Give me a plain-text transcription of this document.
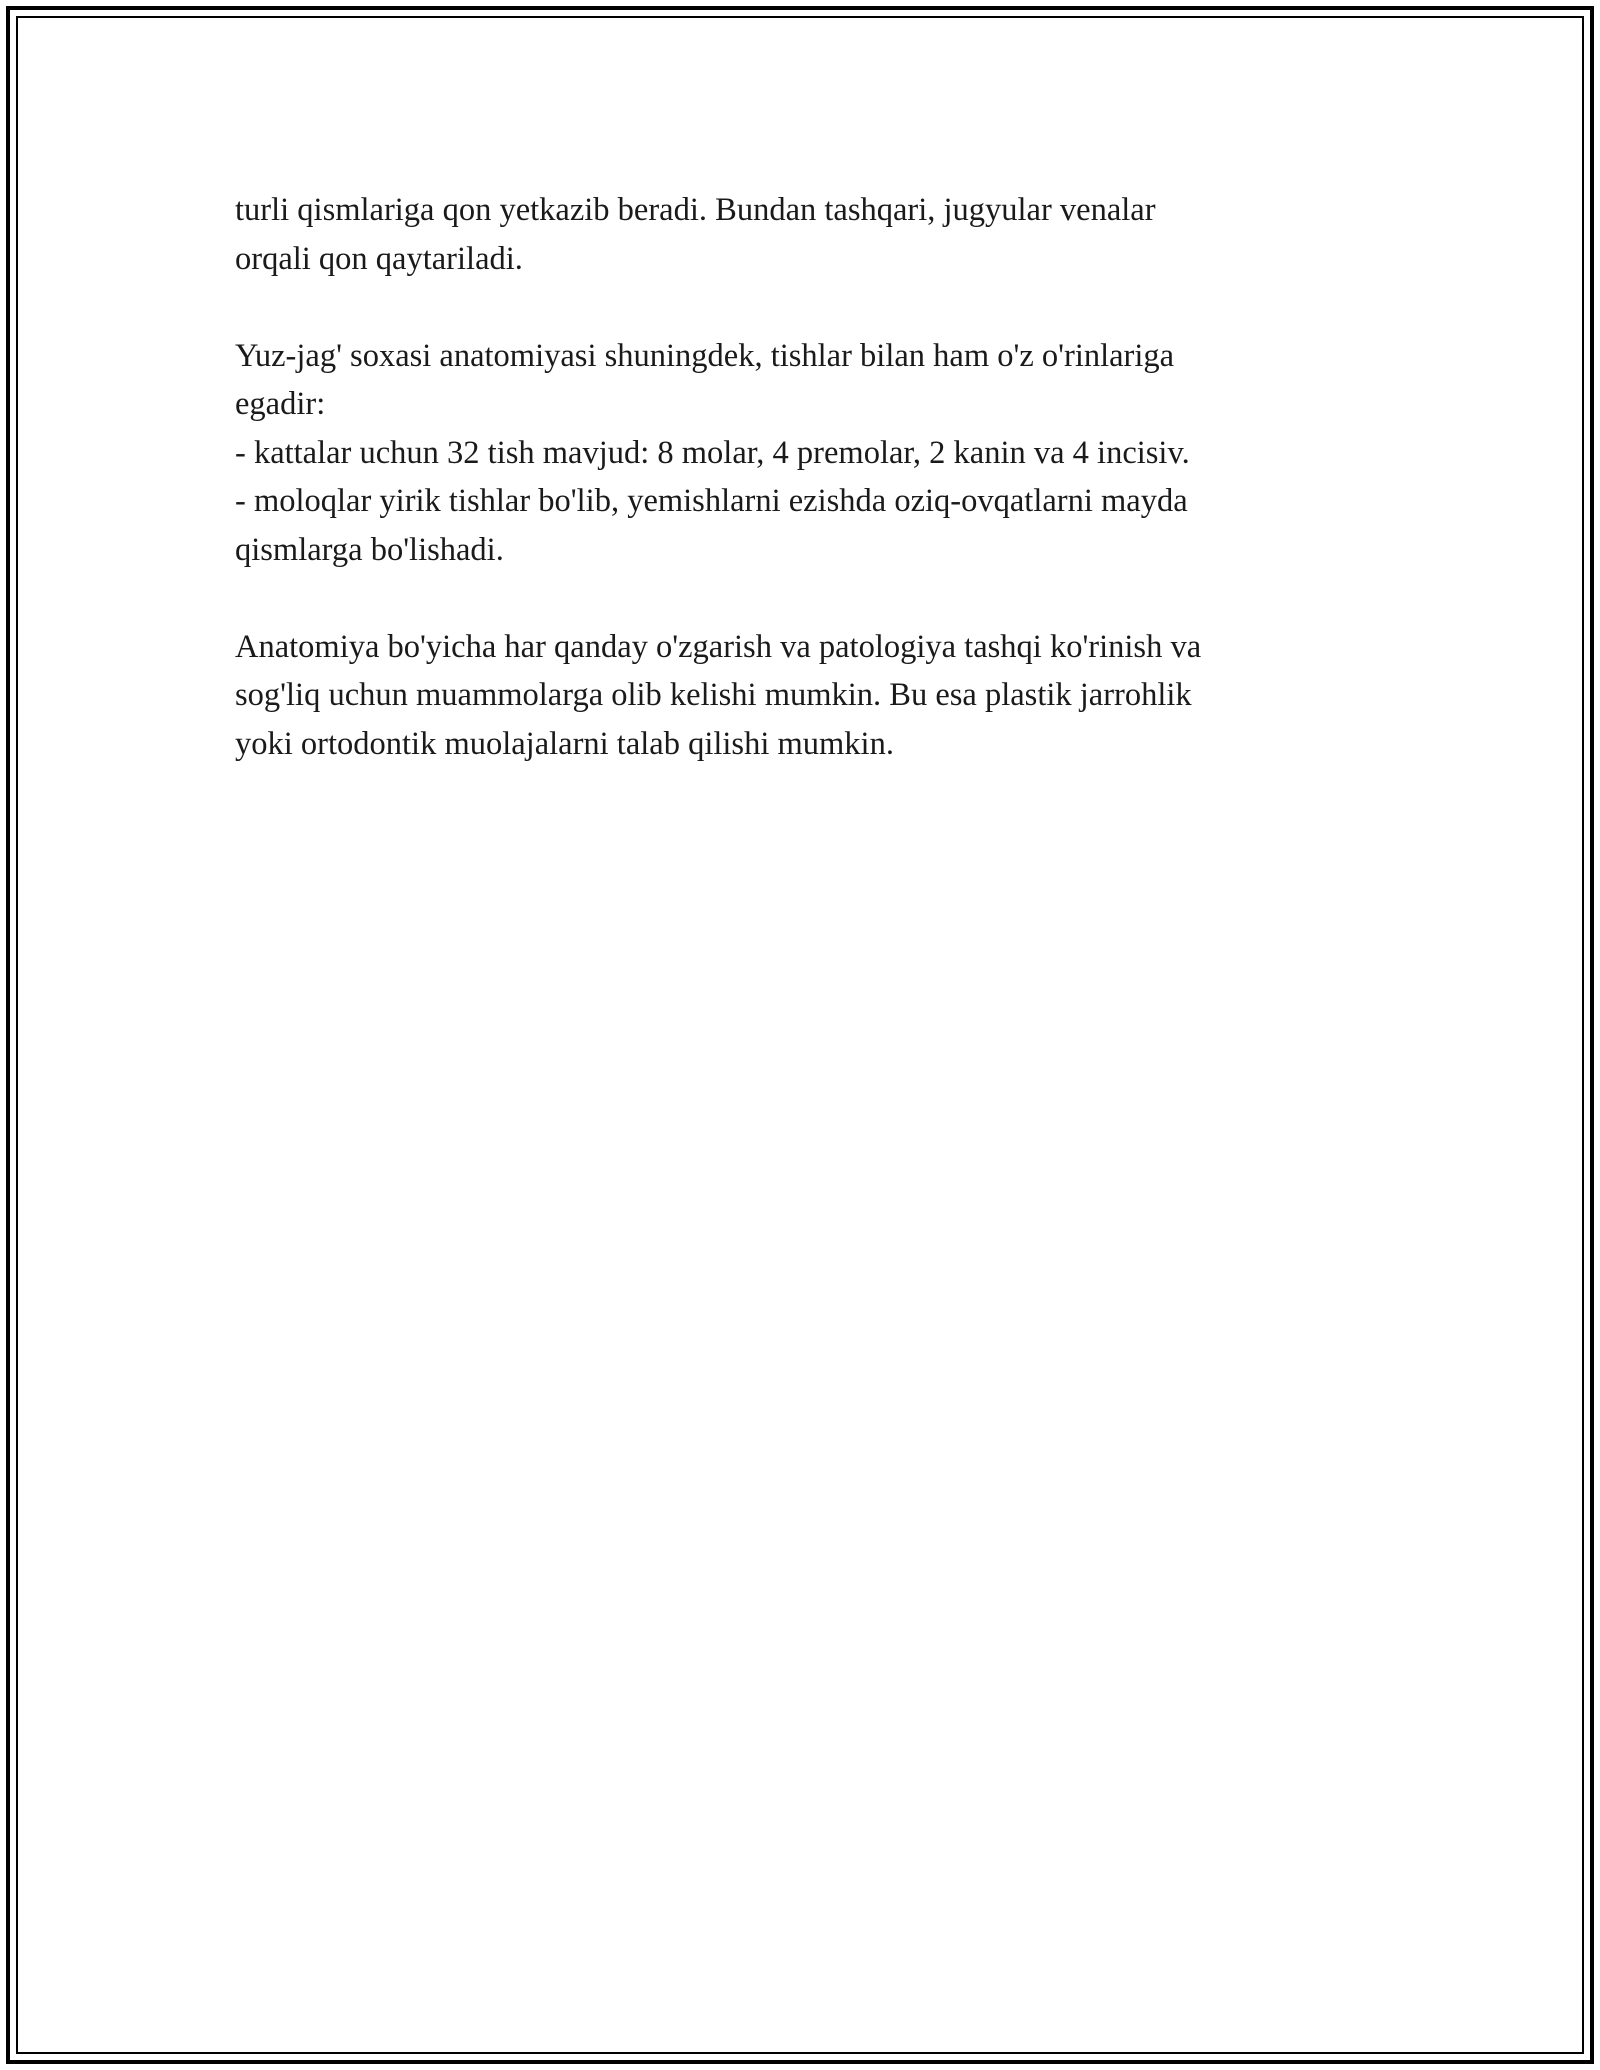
turli qismlariga qon yetkazib beradi. Bundan tashqari, jugyular venalar
orqali qon qaytariladi.

Yuz-jag' soxasi anatomiyasi shuningdek, tishlar bilan ham o'z o'rinlariga
egadir:
- kattalar uchun 32 tish mavjud: 8 molar, 4 premolar, 2 kanin va 4 incisiv.
- moloqlar yirik tishlar bo'lib, yemishlarni ezishda oziq-ovqatlarni mayda
qismlarga bo'lishadi.

Anatomiya bo'yicha har qanday o'zgarish va patologiya tashqi ko'rinish va
sog'liq uchun muammolarga olib kelishi mumkin. Bu esa plastik jarrohlik
yoki ortodontik muolajalarni talab qilishi mumkin.
